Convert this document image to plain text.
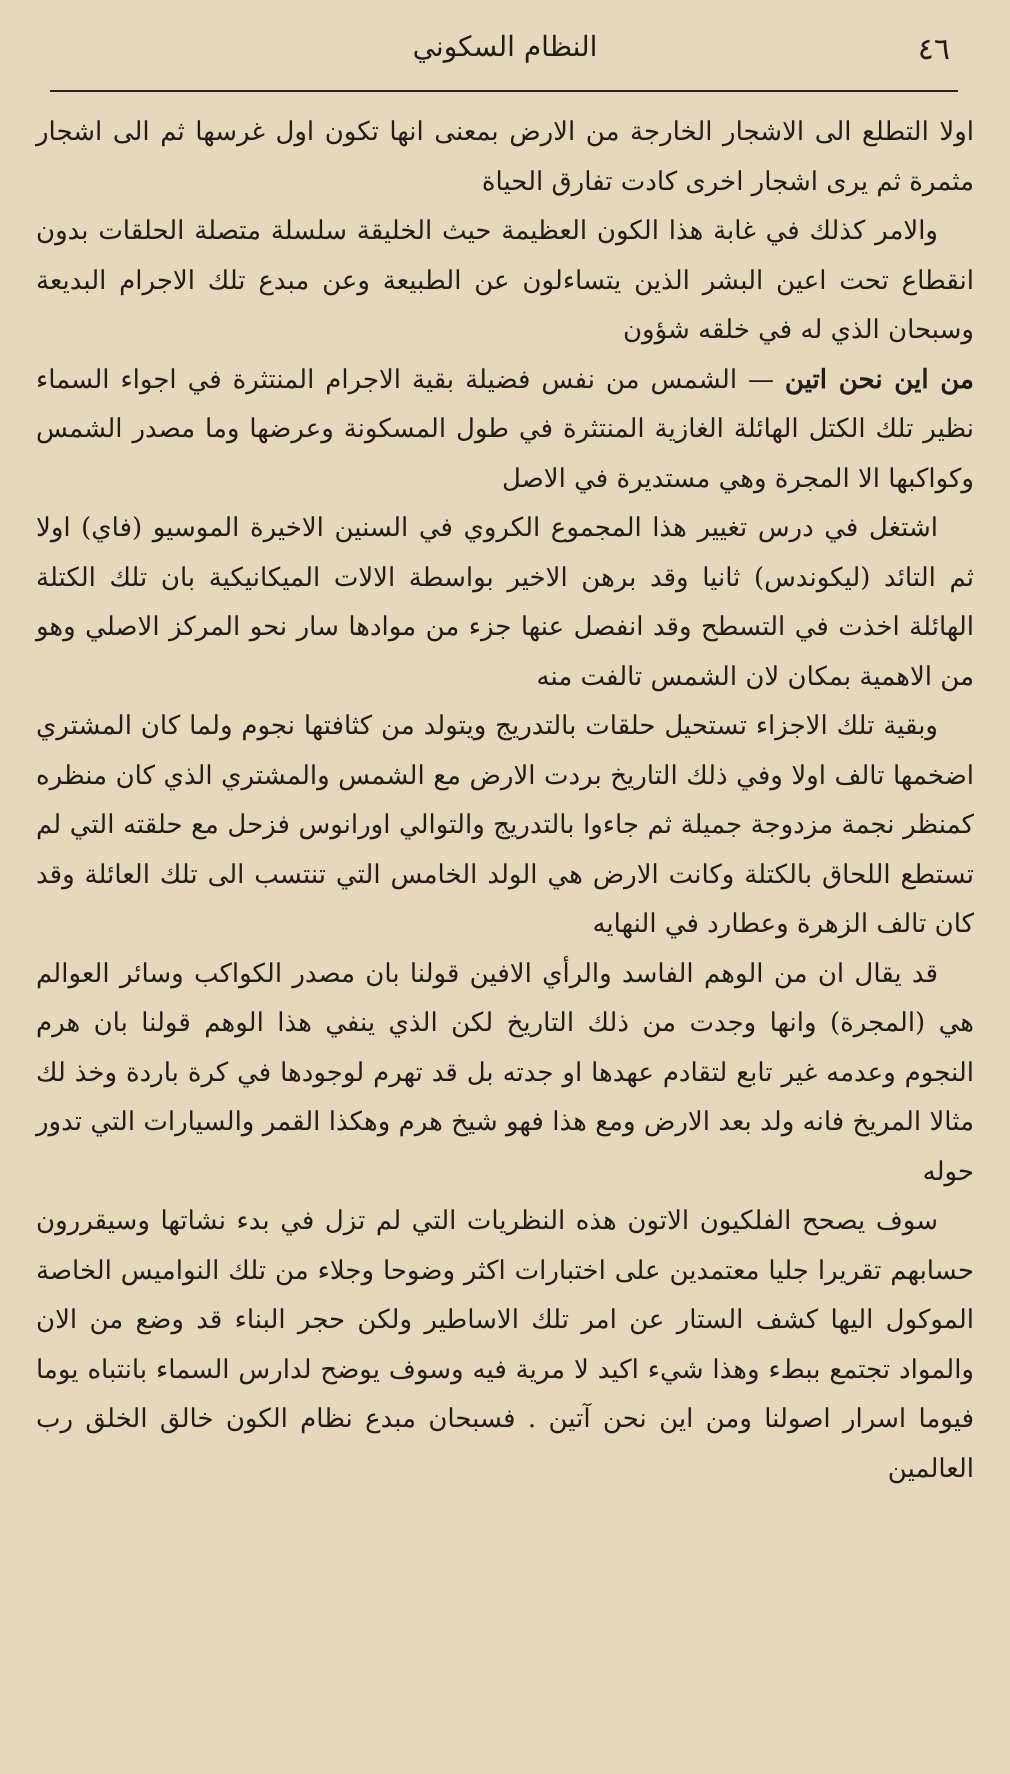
٤٦
النظام السكوني

اولا التطلع الى الاشجار الخارجة من الارض بمعنى انها تكون اول غرسها ثم الى اشجار مثمرة ثم يرى اشجار اخرى كادت تفارق الحياة

والامر كذلك في غابة هذا الكون العظيمة حيث الخليقة سلسلة متصلة الحلقات بدون انقطاع تحت اعين البشر الذين يتساءلون عن الطبيعة وعن مبدع تلك الاجرام البديعة وسبحان الذي له في خلقه شؤون

من اين نحن اتين — الشمس من نفس فضيلة بقية الاجرام المنتثرة في اجواء السماء نظير تلك الكتل الهائلة الغازية المنتثرة في طول المسكونة وعرضها وما مصدر الشمس وكواكبها الا المجرة وهي مستديرة في الاصل

اشتغل في درس تغيير هذا المجموع الكروي في السنين الاخيرة الموسيو (فاي) اولا ثم التائد (ليكوندس) ثانيا وقد برهن الاخير بواسطة الالات الميكانيكية بان تلك الكتلة الهائلة اخذت في التسطح وقد انفصل عنها جزء من موادها سار نحو المركز الاصلي وهو من الاهمية بمكان لان الشمس تالفت منه

وبقية تلك الاجزاء تستحيل حلقات بالتدريج ويتولد من كثافتها نجوم ولما كان المشتري اضخمها تالف اولا وفي ذلك التاريخ بردت الارض مع الشمس والمشتري الذي كان منظره كمنظر نجمة مزدوجة جميلة ثم جاءوا بالتدريج والتوالي اورانوس فزحل مع حلقته التي لم تستطع اللحاق بالكتلة وكانت الارض هي الولد الخامس التي تنتسب الى تلك العائلة وقد كان تالف الزهرة وعطارد في النهايه

قد يقال ان من الوهم الفاسد والرأي الافين قولنا بان مصدر الكواكب وسائر العوالم هي (المجرة) وانها وجدت من ذلك التاريخ لكن الذي ينفي هذا الوهم قولنا بان هرم النجوم وعدمه غير تابع لتقادم عهدها او جدته بل قد تهرم لوجودها في كرة باردة وخذ لك مثالا المريخ فانه ولد بعد الارض ومع هذا فهو شيخ هرم وهكذا القمر والسيارات التي تدور حوله

سوف يصحح الفلكيون الاتون هذه النظريات التي لم تزل في بدء نشاتها وسيقررون حسابهم تقريرا جليا معتمدين على اختبارات اكثر وضوحا وجلاء من تلك النواميس الخاصة الموكول اليها كشف الستار عن امر تلك الاساطير ولكن حجر البناء قد وضع من الان والمواد تجتمع ببطء وهذا شيء اكيد لا مرية فيه وسوف يوضح لدارس السماء بانتباه يوما فيوما اسرار اصولنا ومن اين نحن آتين . فسبحان مبدع نظام الكون خالق الخلق رب العالمين
